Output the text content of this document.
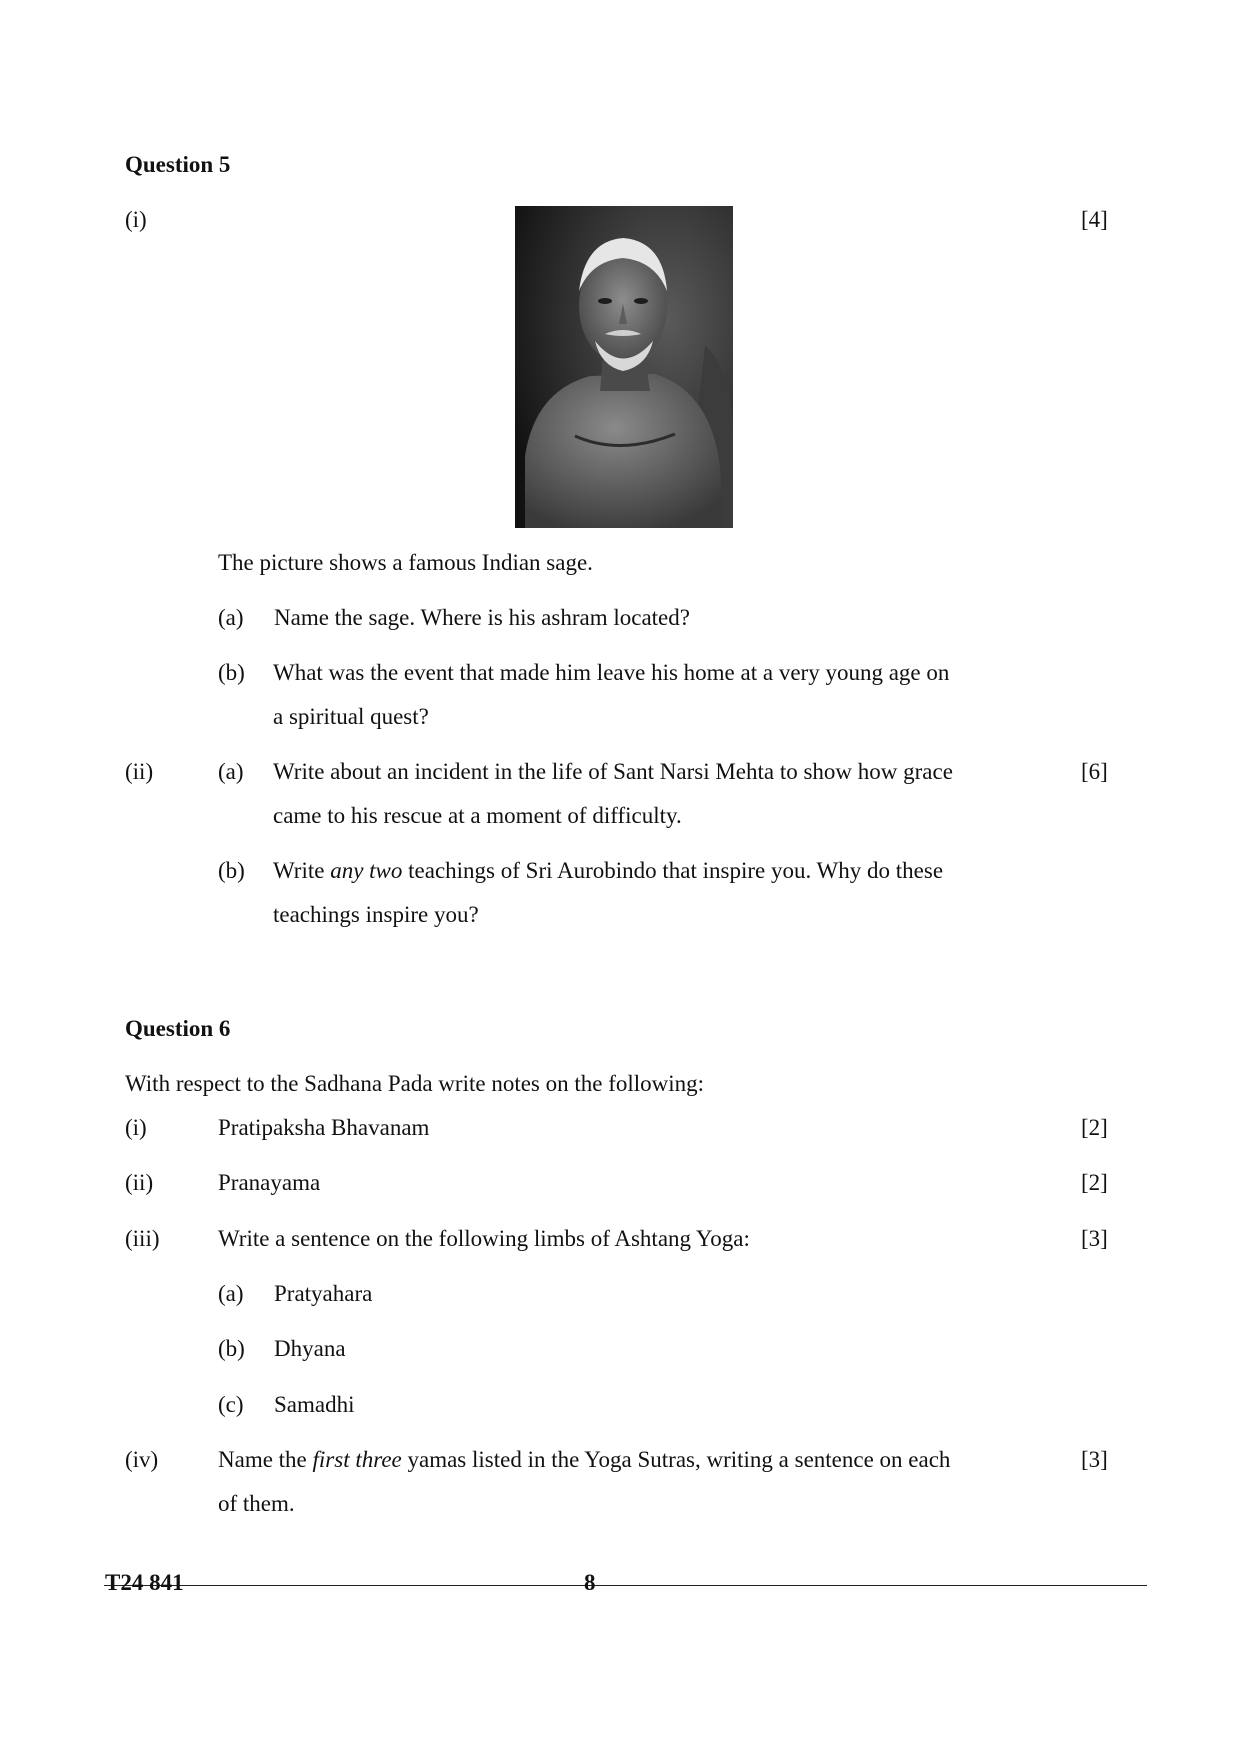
Question 5
(i)	[4]
The picture shows a famous Indian sage.
(a) Name the sage. Where is his ashram located?
(b) What was the event that made him leave his home at a very young age on
a spiritual quest?
(ii)	[6]
(a) Write about an incident in the life of Sant Narsi Mehta to show how grace
came to his rescue at a moment of difficulty.
(b) Write any two teachings of Sri Aurobindo that inspire you. Why do these
teachings inspire you?
Question 6
With respect to the Sadhana Pada write notes on the following:
(i)	Pratipaksha Bhavanam	[2]
(ii)	Pranayama	[2]
(iii)	Write a sentence on the following limbs of Ashtang Yoga:	[3]
(a) Pratyahara
(b) Dhyana
(c) Samadhi
(iv)	Name the first three yamas listed in the Yoga Sutras, writing a sentence on each
of them.
[3]
T24 841	8
